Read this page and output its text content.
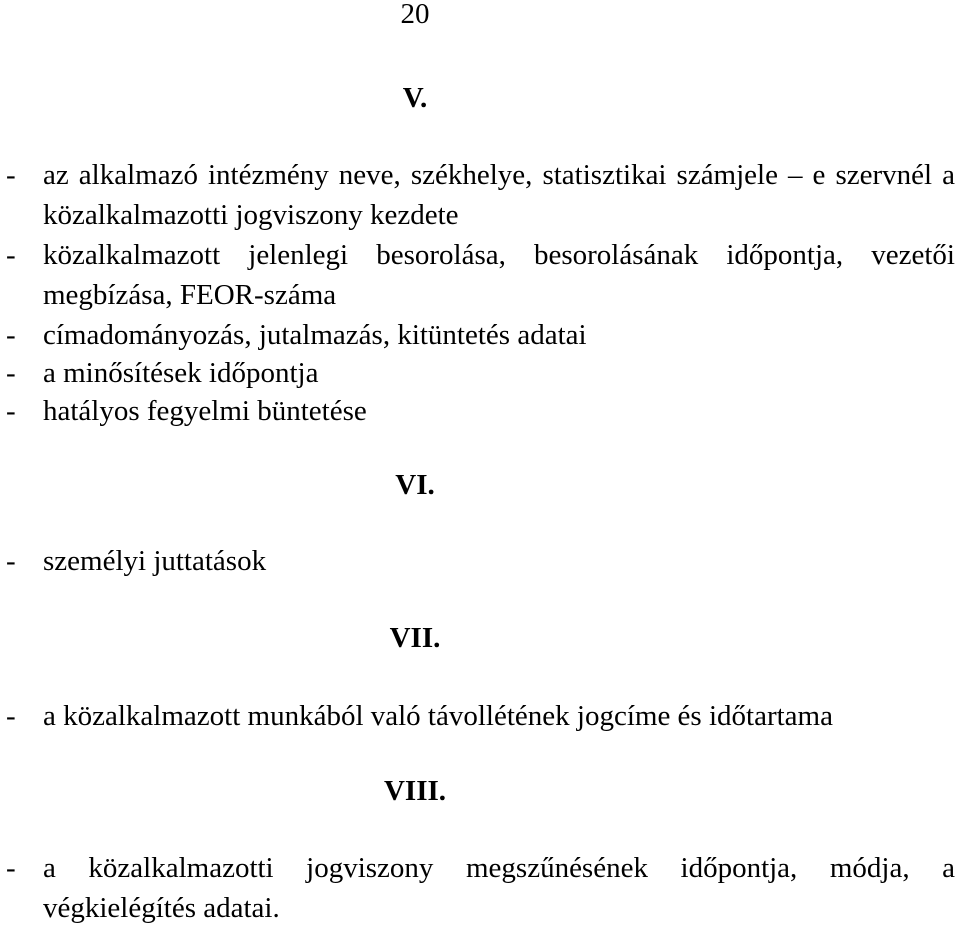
20
V.
- az alkalmazó intézmény neve, székhelye, statisztikai számjele – e szervnél a közalkalmazotti jogviszony kezdete
- közalkalmazott jelenlegi besorolása, besorolásának időpontja, vezetői megbízása, FEOR-száma
- címadományozás, jutalmazás, kitüntetés adatai
- a minősítések időpontja
- hatályos fegyelmi büntetése
VI.
- személyi juttatások
VII.
- a közalkalmazott munkából való távollétének jogcíme és időtartama
VIII.
- a közalkalmazotti jogviszony megszűnésének időpontja, módja, a végkielégítés adatai.
